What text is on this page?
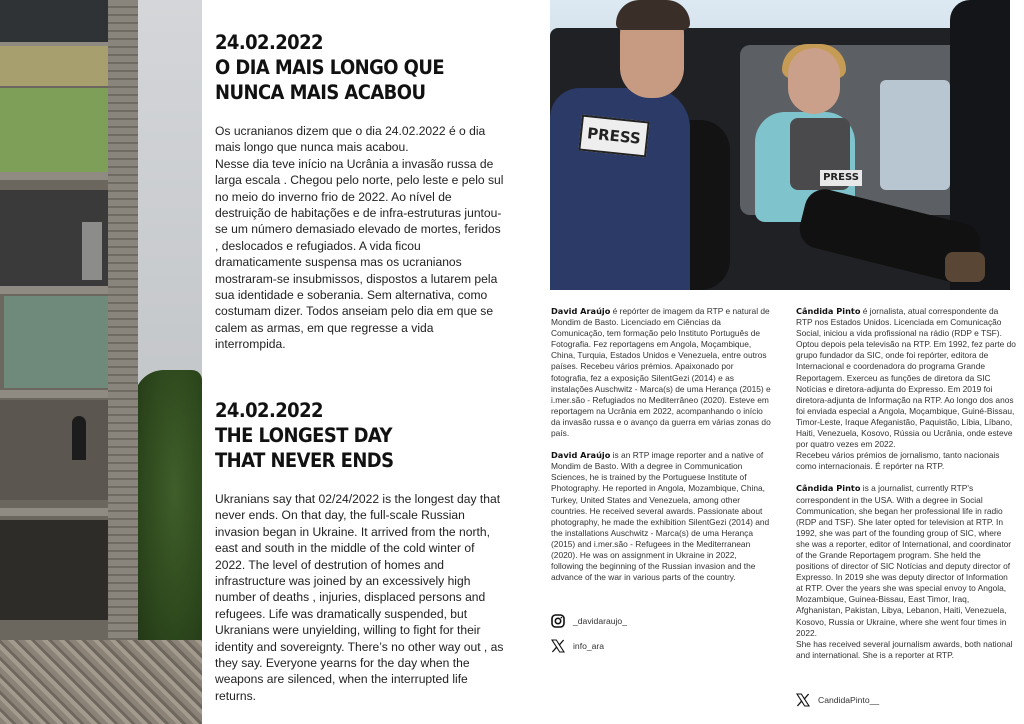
24.02.2022
O DIA MAIS LONGO QUE
NUNCA MAIS ACABOU

Os ucranianos dizem que o dia 24.02.2022 é o dia mais longo que nunca mais acabou.

Nesse dia teve início na Ucrânia a invasão russa de larga escala . Chegou pelo norte, pelo leste e pelo sul no meio do inverno frio de 2022. Ao nível de destruição de habitações e de infra-estruturas juntou-se um número demasiado elevado de mortes, feridos , deslocados e refugiados. A vida ficou dramaticamente suspensa mas os ucranianos mostraram-se insubmissos, dispostos a lutarem pela sua identidade e soberania. Sem alternativa, como costumam dizer. Todos anseiam pelo dia em que se calem as armas, em que regresse a vida interrompida.

24.02.2022
THE LONGEST DAY
THAT NEVER ENDS

Ukranians say that 02/24/2022 is the longest day that never ends. On that day, the full-scale Russian invasion began in Ukraine. It arrived from the north, east and south in the middle of the cold winter of 2022. The level of destrution of homes and infrastructure was joined by an excessively high number of deaths , injuries, displaced persons and refugees. Life was dramatically suspended, but Ukranians were unyielding, willing to fight for their identity and sovereignty. There’s no other way out , as they say. Everyone yearns for the day when the weapons are silenced, when the interrupted life returns.

PRESS
PRESS

David Araújo é repórter de imagem da RTP e natural de Mondim de Basto. Licenciado em Ciências da Comunicação, tem formação pelo Instituto Português de Fotografia. Fez reportagens em Angola, Moçambique, China, Turquia, Estados Unidos e Venezuela, entre outros países. Recebeu vários prémios. Apaixonado por fotografia, fez a exposição SilentGezi (2014) e as instalações Auschwitz - Marca(s) de uma Herança (2015) e i.mer.são - Refugiados no Mediterrâneo (2020). Esteve em reportagem na Ucrânia em 2022, acompanhando o início da invasão russa e o avanço da guerra em várias zonas do país.

David Araújo is an RTP image reporter and a native of Mondim de Basto. With a degree in Communication Sciences, he is trained by the Portuguese Institute of Photography. He reported in Angola, Mozambique, China, Turkey, United States and Venezuela, among other countries. He received several awards. Passionate about photography, he made the exhibition SilentGezi (2014) and the installations Auschwitz - Marca(s) de uma Herança (2015) and i.mer.são - Refugees in the Mediterranean (2020). He was on assignment in Ukraine in 2022, following the beginning of the Russian invasion and the advance of the war in various parts of the country.

_davidaraujo_
info_ara

Cândida Pinto é jornalista, atual correspondente da RTP nos Estados Unidos. Licenciada em Comunicação Social, iniciou a vida profissional na rádio (RDP e TSF). Optou depois pela televisão na RTP. Em 1992, fez parte do grupo fundador da SIC, onde foi repórter, editora de Internacional e coordenadora do programa Grande Reportagem. Exerceu as funções de diretora da SIC Notícias e diretora-adjunta do Expresso. Em 2019 foi diretora-adjunta de Informação na RTP. Ao longo dos anos foi enviada especial a Angola, Moçambique, Guiné-Bissau, Timor-Leste, Iraque Afeganistão, Paquistão, Líbia, Líbano, Haiti, Venezuela, Kosovo, Rússia ou Ucrânia, onde esteve por quatro vezes em 2022.

Recebeu vários prémios de jornalismo, tanto nacionais como internacionais. É repórter na RTP.

Cândida Pinto is a journalist, currently RTP's correspondent in the USA. With a degree in Social Communication, she began her professional life in radio (RDP and TSF). She later opted for television at RTP. In 1992, she was part of the founding group of SIC, where she was a reporter, editor of International, and coordinator of the Grande Reportagem program. She held the positions of director of SIC Notícias and deputy director of Expresso. In 2019 she was deputy director of Information at RTP. Over the years she was special envoy to Angola, Mozambique, Guinea-Bissau, East Timor, Iraq, Afghanistan, Pakistan, Libya, Lebanon, Haiti, Venezuela, Kosovo, Russia or Ukraine, where she went four times in 2022.

She has received several journalism awards, both national and international. She is a reporter at RTP.

CandidaPinto__
